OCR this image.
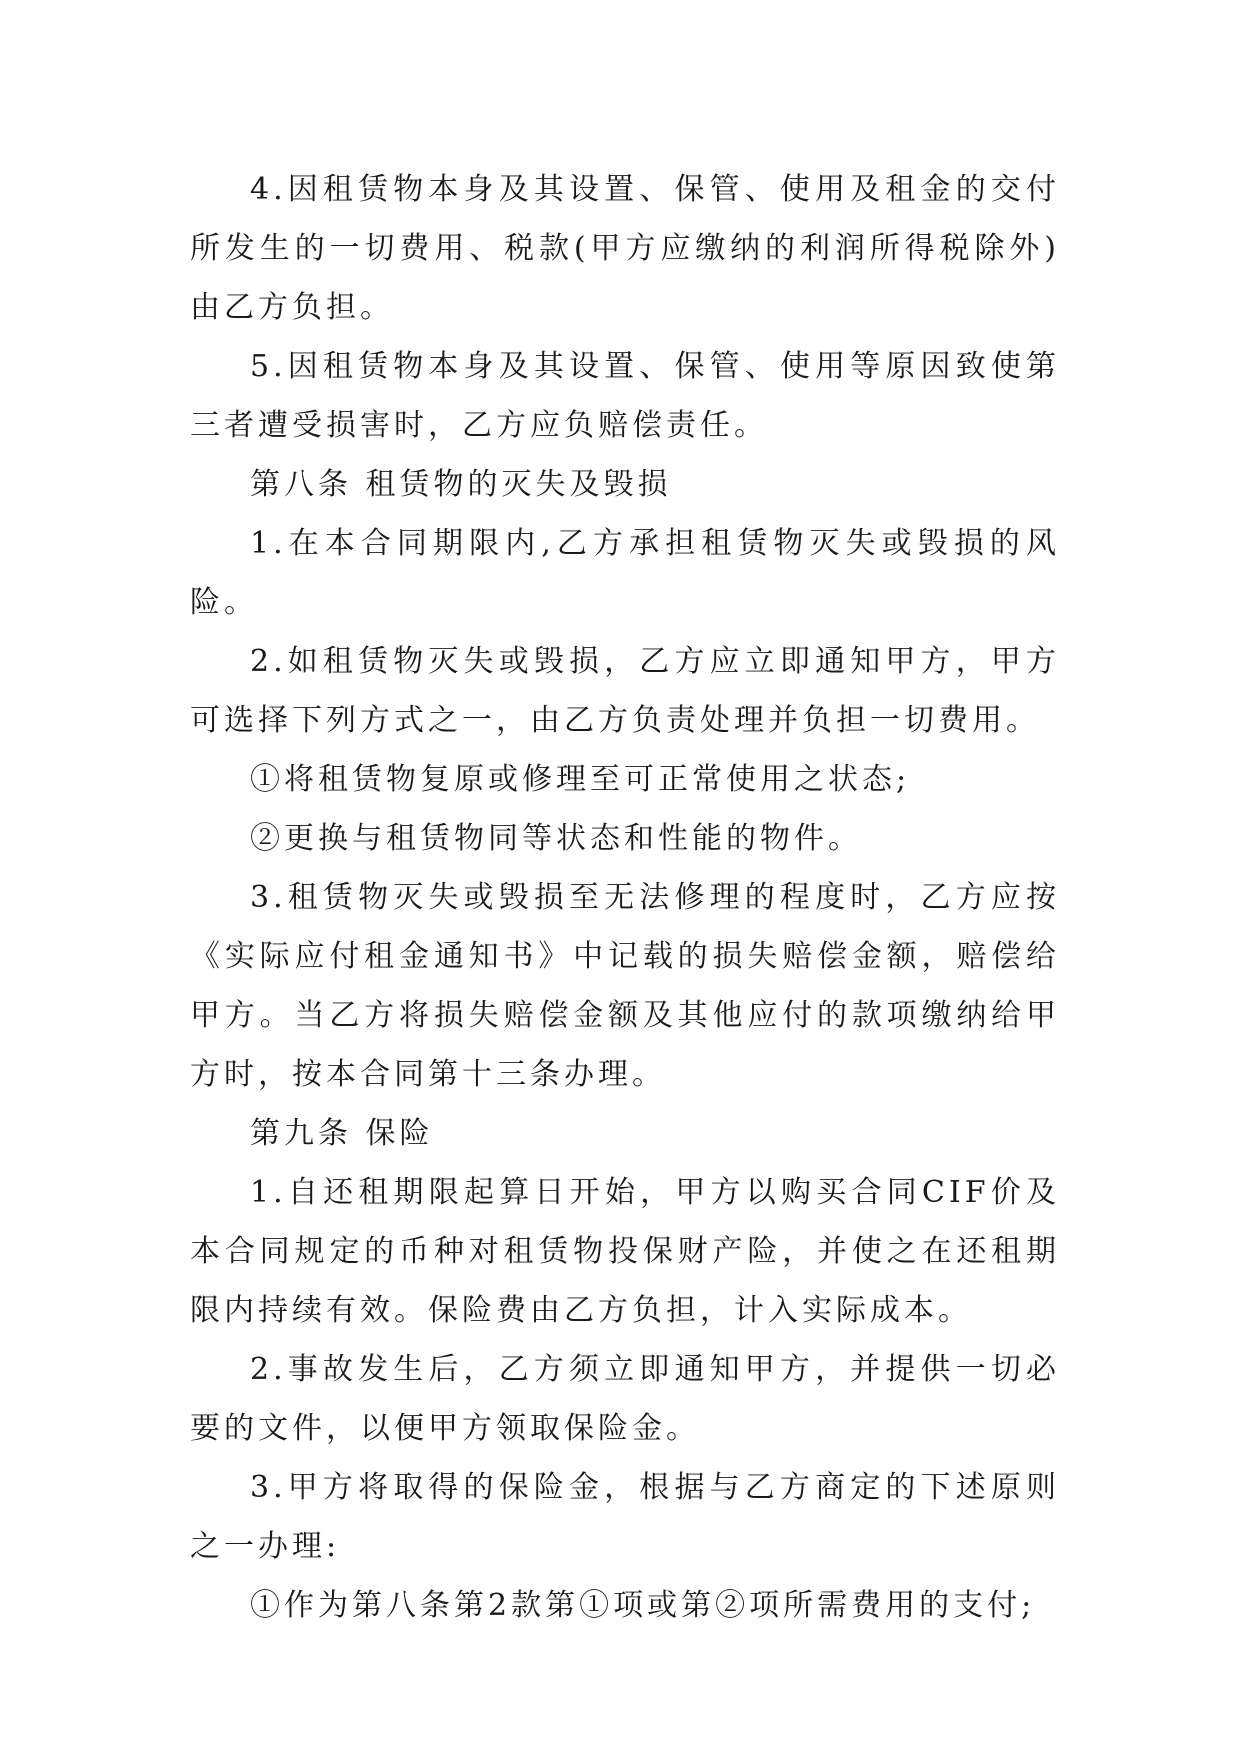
4.因租赁物本身及其设置、保管、使用及租金的交付所发生的一切费用、税款(甲方应缴纳的利润所得税除外)由乙方负担。

5.因租赁物本身及其设置、保管、使用等原因致使第三者遭受损害时，乙方应负赔偿责任。

第八条 租赁物的灭失及毁损

1.在本合同期限内,乙方承担租赁物灭失或毁损的风险。

2.如租赁物灭失或毁损，乙方应立即通知甲方，甲方可选择下列方式之一，由乙方负责处理并负担一切费用。

①将租赁物复原或修理至可正常使用之状态;

②更换与租赁物同等状态和性能的物件。

3.租赁物灭失或毁损至无法修理的程度时，乙方应按《实际应付租金通知书》中记载的损失赔偿金额，赔偿给甲方。当乙方将损失赔偿金额及其他应付的款项缴纳给甲方时，按本合同第十三条办理。

第九条 保险

1.自还租期限起算日开始，甲方以购买合同CIF价及本合同规定的币种对租赁物投保财产险，并使之在还租期限内持续有效。保险费由乙方负担，计入实际成本。

2.事故发生后，乙方须立即通知甲方，并提供一切必要的文件，以便甲方领取保险金。

3.甲方将取得的保险金，根据与乙方商定的下述原则之一办理:

①作为第八条第2款第①项或第②项所需费用的支付;
